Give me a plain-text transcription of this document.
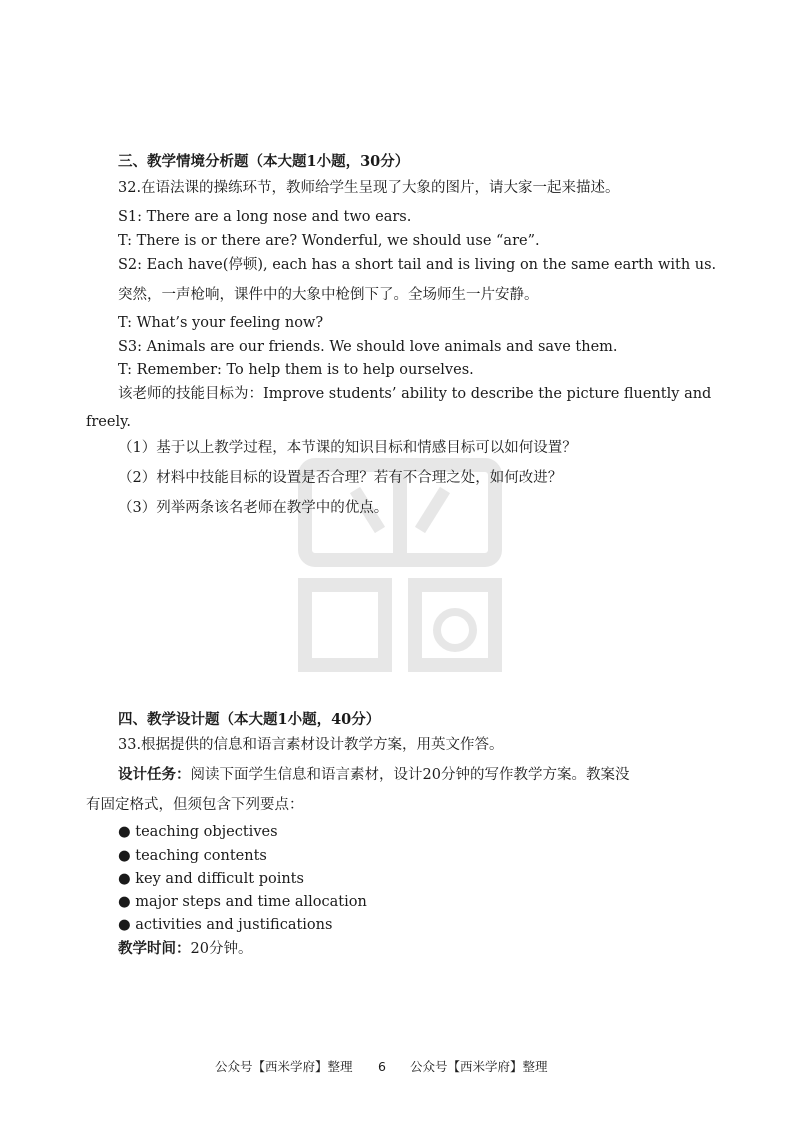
三、教学情境分析题（本大题1小题，30分）
32.在语法课的操练环节，教师给学生呈现了大象的图片，请大家一起来描述。
S1: There are a long nose and two ears.
T: There is or there are? Wonderful, we should use “are”.
S2: Each have(停顿), each has a short tail and is living on the same earth with us.
突然，一声枪响，课件中的大象中枪倒下了。全场师生一片安静。
T: What’s your feeling now?
S3: Animals are our friends. We should love animals and save them.
T: Remember: To help them is to help ourselves.
该老师的技能目标为：Improve students’ ability to describe the picture fluently and
freely.
（1）基于以上教学过程，本节课的知识目标和情感目标可以如何设置？
（2）材料中技能目标的设置是否合理？若有不合理之处，如何改进？
（3）列举两条该名老师在教学中的优点。
四、教学设计题（本大题1小题，40分）
33.根据提供的信息和语言素材设计教学方案，用英文作答。
设计任务：阅读下面学生信息和语言素材，设计20分钟的写作教学方案。教案没
有固定格式，但须包含下列要点：
● teaching objectives
● teaching contents
● key and difficult points
● major steps and time allocation
● activities and justifications
教学时间：20分钟。
公众号【西米学府】整理 6 公众号【西米学府】整理
